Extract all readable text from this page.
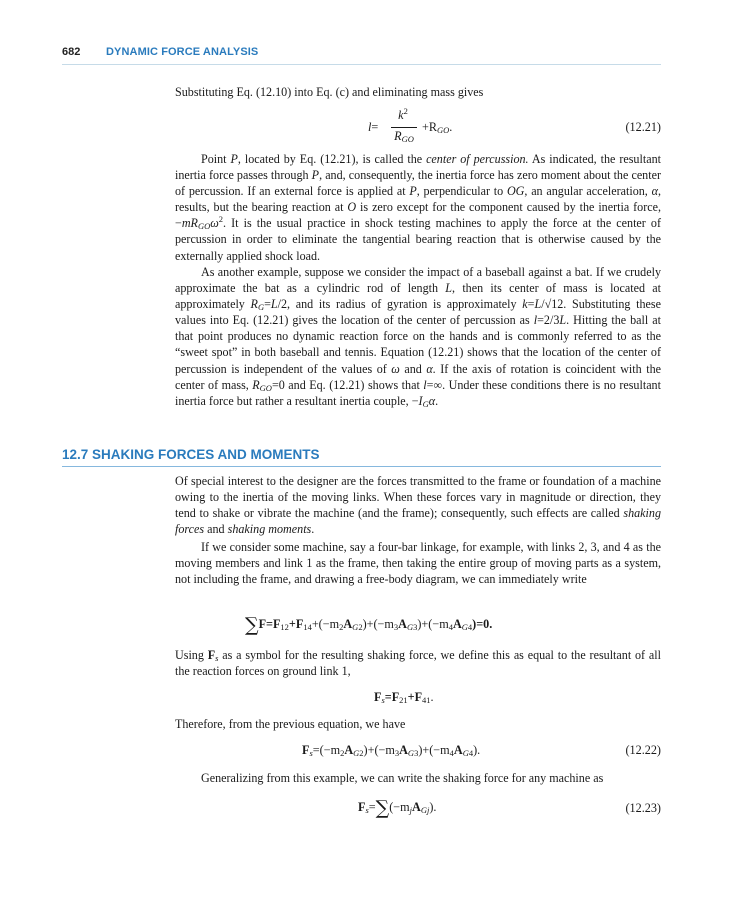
682 DYNAMIC FORCE ANALYSIS

Substituting Eq. (12.10) into Eq. (c) and eliminating mass gives

l=
$k^2$
$R_{GO}$
$+R_{GO}$.	(12.21)

Point P, located by Eq. (12.21), is called the center of percussion. As indicated, the resultant inertia force passes through P, and, consequently, the inertia force has zero moment about the center of percussion. If an external force is applied at P, perpendicular to OG, an angular acceleration, α, results, but the bearing reaction at O is zero except for the component caused by the inertia force, $-mR_{GO}\omega^2$. It is the usual practice in shock testing machines to apply the force at the center of percussion in order to eliminate the tangential bearing reaction that is otherwise caused by the externally applied shock load.

As another example, suppose we consider the impact of a baseball against a bat. If we crudely approximate the bat as a cylindric rod of length L, then its center of mass is located at approximately $R_G=L/2$, and its radius of gyration is approximately k=L/√12. Substituting these values into Eq. (12.21) gives the location of the center of percussion as l=2/3L. Hitting the ball at that point produces no dynamic reaction force on the hands and is commonly referred to as the “sweet spot” in both baseball and tennis. Equation (12.21) shows that the location of the center of percussion is independent of the values of ω and α. If the axis of rotation is coincident with the center of mass, $R_{GO}=0$ and Eq. (12.21) shows that l=∞. Under these conditions there is no resultant inertia force but rather a resultant inertia couple, $-I_G\alpha$.

12.7 SHAKING FORCES AND MOMENTS

Of special interest to the designer are the forces transmitted to the frame or foundation of a machine owing to the inertia of the moving links. When these forces vary in magnitude or direction, they tend to shake or vibrate the machine (and the frame); consequently, such effects are called shaking forces and shaking moments.

If we consider some machine, say a four-bar linkage, for example, with links 2, 3, and 4 as the moving members and link 1 as the frame, then taking the entire group of moving parts as a system, not including the frame, and drawing a free-body diagram, we can immediately write

$\sum F=F_{12}+F_{14}+(-m_2A_{G2})+(-m_3A_{G3})+(-m_4A_{G4})=0$.

Using $F_s$ as a symbol for the resulting shaking force, we define this as equal to the resultant of all the reaction forces on ground link 1,

$F_s=F_{21}+F_{41}$.

Therefore, from the previous equation, we have

$F_s=(-m_2A_{G2})+(-m_3A_{G3})+(-m_4A_{G4})$.	(12.22)

Generalizing from this example, we can write the shaking force for any machine as

$F_s=\sum(-m_jA_{Gj})$.	(12.23)
